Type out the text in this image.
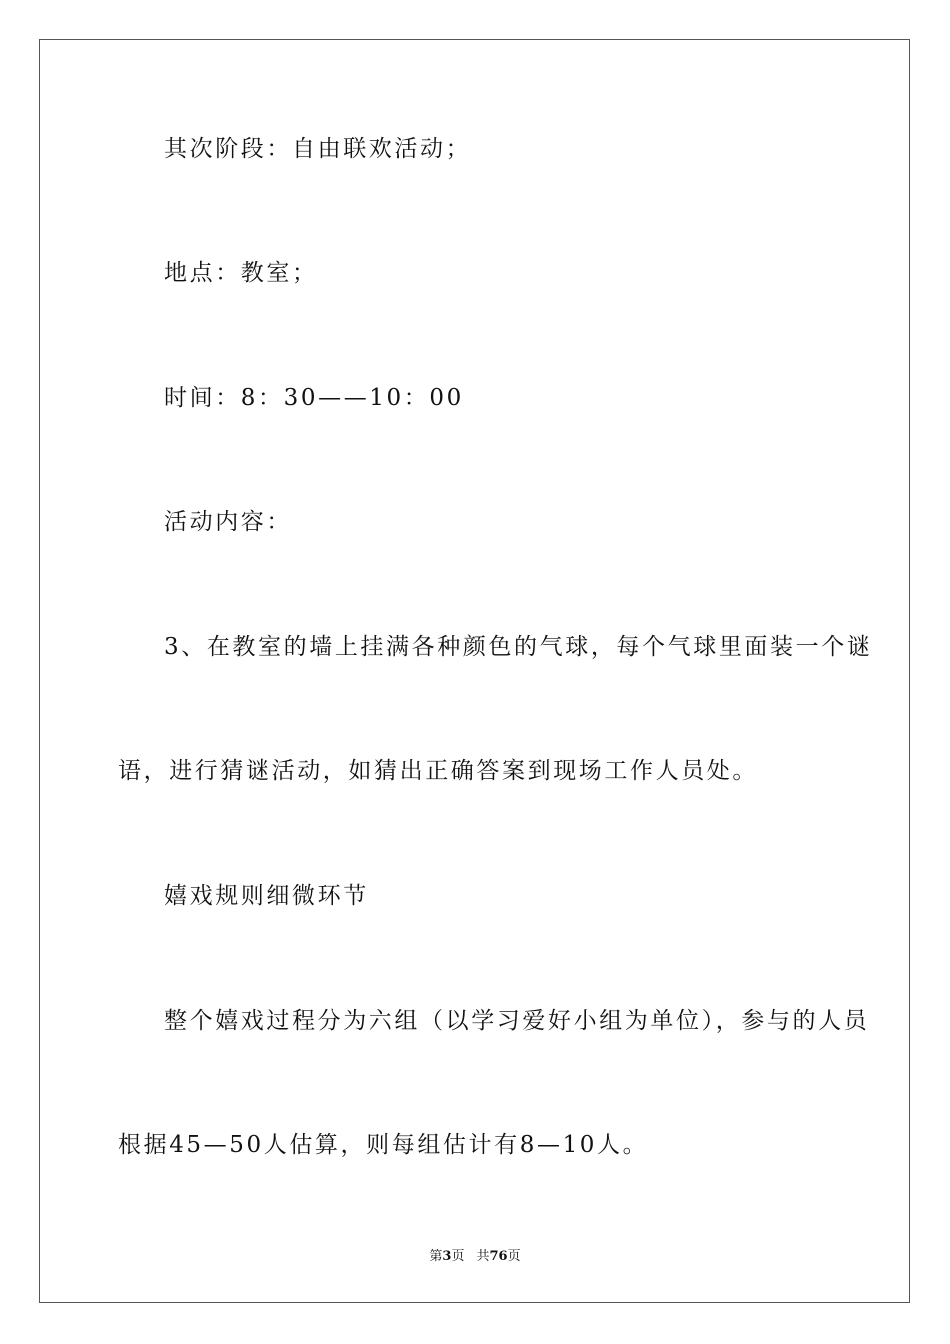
其次阶段：自由联欢活动；
地点：教室；
时间：8：30——10：00
活动内容：
3、在教室的墙上挂满各种颜色的气球，每个气球里面装一个谜
语，进行猜谜活动，如猜出正确答案到现场工作人员处。
嬉戏规则细微环节
整个嬉戏过程分为六组（以学习爱好小组为单位），参与的人员
根据45—50人估算，则每组估计有8—10人。
第3页 共76页
